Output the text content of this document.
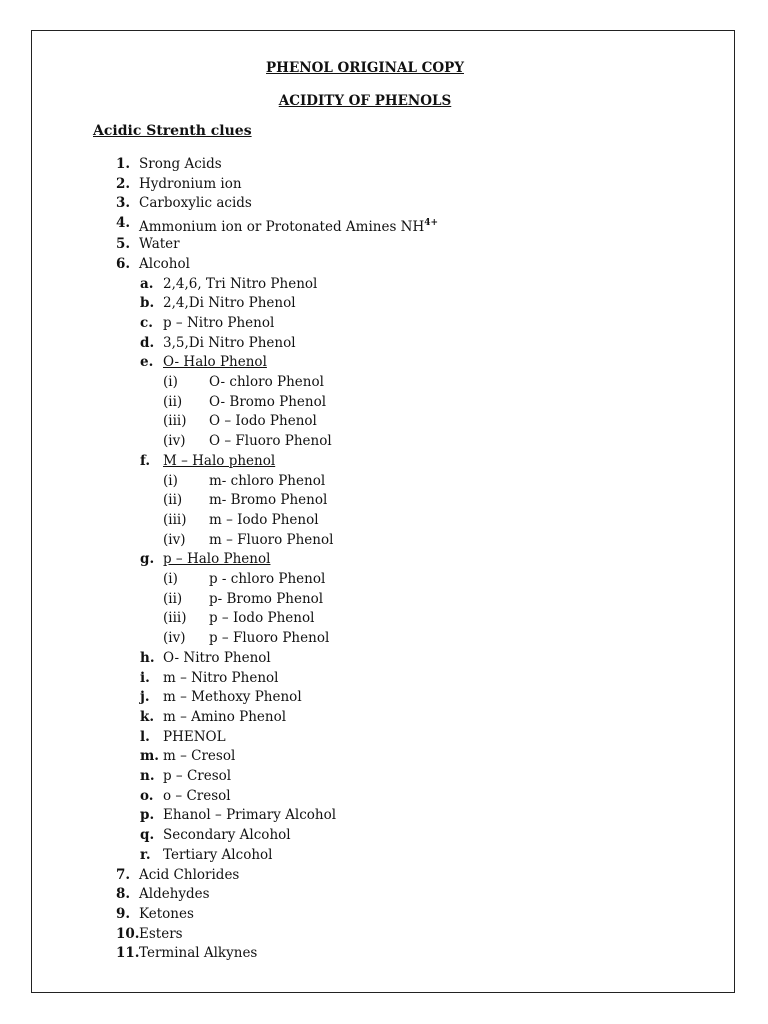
PHENOL ORIGINAL COPY
ACIDITY OF PHENOLS
Acidic Strenth clues
1. Srong Acids
2. Hydronium ion
3. Carboxylic acids
4. Ammonium ion or Protonated Amines $NH^{4+}$
5. Water
6. Alcohol
a. 2,4,6, Tri Nitro Phenol
b. 2,4,Di Nitro Phenol
c. p – Nitro Phenol
d. 3,5,Di Nitro Phenol
e. O- Halo Phenol
(i) O- chloro Phenol
(ii) O- Bromo Phenol
(iii) O – Iodo Phenol
(iv) O – Fluoro Phenol
f. M – Halo phenol
(i) m- chloro Phenol
(ii) m- Bromo Phenol
(iii) m – Iodo Phenol
(iv) m – Fluoro Phenol
g. p – Halo Phenol
(i) p - chloro Phenol
(ii) p- Bromo Phenol
(iii) p – Iodo Phenol
(iv) p – Fluoro Phenol
h. O- Nitro Phenol
i. m – Nitro Phenol
j. m – Methoxy Phenol
k. m – Amino Phenol
l. PHENOL
m. m – Cresol
n. p – Cresol
o. o – Cresol
p. Ehanol – Primary Alcohol
q. Secondary Alcohol
r. Tertiary Alcohol
7. Acid Chlorides
8. Aldehydes
9. Ketones
10. Esters
11. Terminal Alkynes
